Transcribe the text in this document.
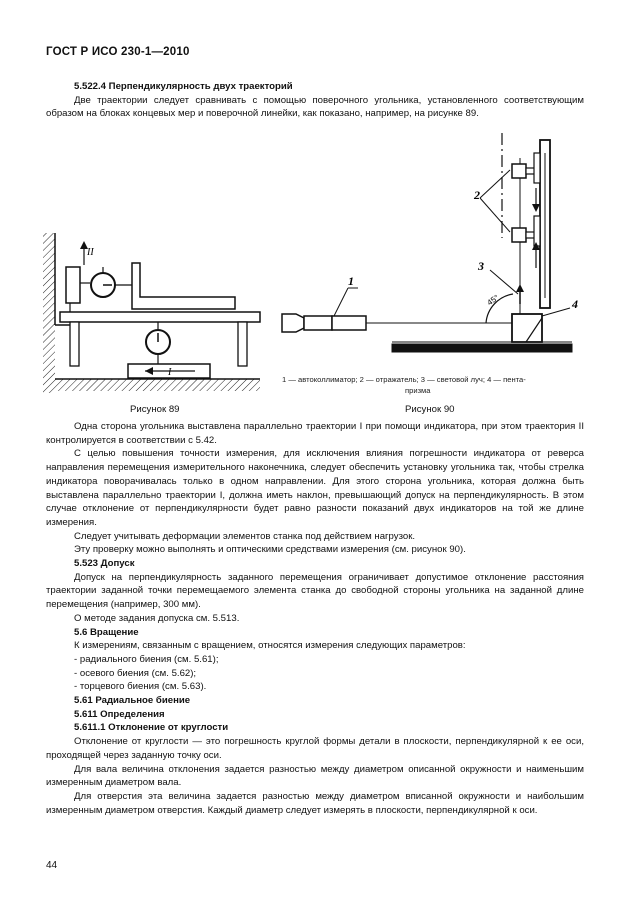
ГОСТ Р ИСО 230-1—2010

5.522.4 Перпендикулярность двух траекторий

Две траектории следует сравнивать с помощью поверочного угольника, установленного соответствующим образом на блоках концевых мер и поверочной линейки, как показано, например, на рисунке 89.

I
II
45°
1
2
3
4
1 — автоколлиматор; 2 — отражатель; 3 — световой луч; 4 — пента-
призма
Рисунок 89	Рисунок 90

Одна сторона угольника выставлена параллельно траектории I при помощи индикатора, при этом траектория II контролируется в соответствии с 5.42.

С целью повышения точности измерения, для исключения влияния погрешности индикатора от реверса направления перемещения измерительного наконечника, следует обеспечить установку угольника так, чтобы стрелка индикатора поворачивалась только в одном направлении. Для этого сторона угольника, которая должна быть выставлена параллельно траектории I, должна иметь наклон, превышающий допуск на перпендикулярность. В этом случае отклонение от перпендикулярности будет равно разности показаний двух индикаторов на той же длине измерения.

Следует учитывать деформации элементов станка под действием нагрузок.

Эту проверку можно выполнять и оптическими средствами измерения (см. рисунок 90).

5.523 Допуск

Допуск на перпендикулярность заданного перемещения ограничивает допустимое отклонение расстояния траектории заданной точки перемещаемого элемента станка до свободной стороны угольника на заданной длине перемещения (например, 300 мм).

О методе задания допуска см. 5.513.

5.6 Вращение

К измерениям, связанным с вращением, относятся измерения следующих параметров:

- радиального биения (см. 5.61);

- осевого биения (см. 5.62);

- торцевого биения (см. 5.63).

5.61 Радиальное биение

5.611 Определения

5.611.1 Отклонение от круглости

Отклонение от круглости — это погрешность круглой формы детали в плоскости, перпендикулярной к ее оси, проходящей через заданную точку оси.

Для вала величина отклонения задается разностью между диаметром описанной окружности и наименьшим измеренным диаметром вала.

Для отверстия эта величина задается разностью между диаметром вписанной окружности и наибольшим измеренным диаметром отверстия. Каждый диаметр следует измерять в плоскости, перпендикулярной к оси.

44
